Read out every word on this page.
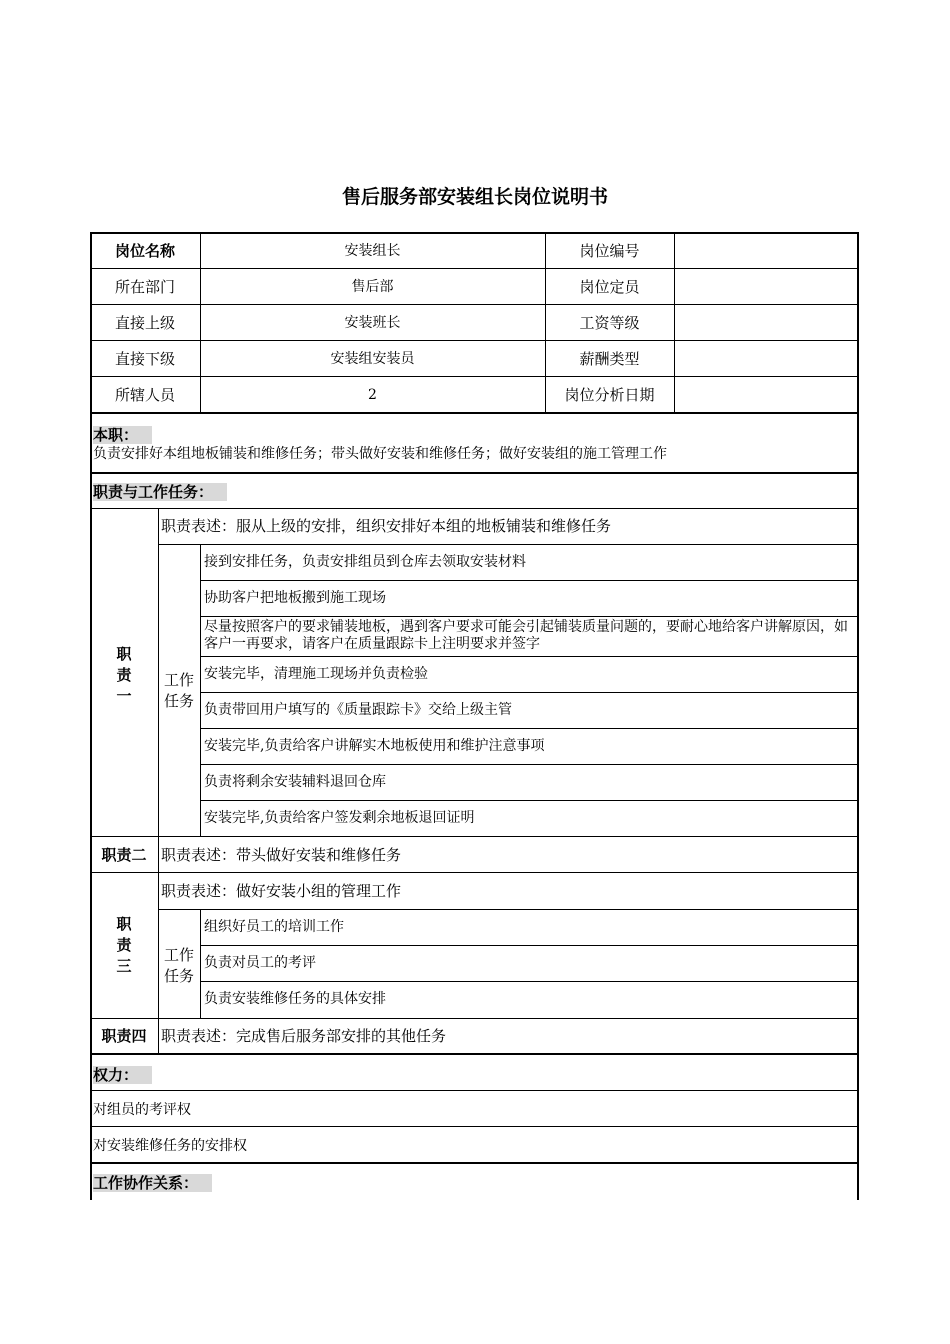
售后服务部安装组长岗位说明书
岗位名称	安装组长	岗位编号
所在部门	售后部	岗位定员
直接上级	安装班长	工资等级
直接下级	安装组安装员	薪酬类型
所辖人员	2	岗位分析日期
本职：
负责安排好本组地板铺装和维修任务；带头做好安装和维修任务；做好安装组的施工管理工作
职责与工作任务：
职责一
职责表述：服从上级的安排，组织安排好本组的地板铺装和维修任务
工作任务
接到安排任务，负责安排组员到仓库去领取安装材料
协助客户把地板搬到施工现场
尽量按照客户的要求铺装地板，遇到客户要求可能会引起铺装质量问题的，要耐心地给客户讲解原因，如客户一再要求，请客户在质量跟踪卡上注明要求并签字
安装完毕，清理施工现场并负责检验
负责带回用户填写的《质量跟踪卡》交给上级主管
安装完毕,负责给客户讲解实木地板使用和维护注意事项
负责将剩余安装辅料退回仓库
安装完毕,负责给客户签发剩余地板退回证明
职责二 职责表述：带头做好安装和维修任务
职责三
职责表述：做好安装小组的管理工作
工作任务
组织好员工的培训工作
负责对员工的考评
负责安装维修任务的具体安排
职责四 职责表述：完成售后服务部安排的其他任务
权力：
对组员的考评权
对安装维修任务的安排权
工作协作关系：
